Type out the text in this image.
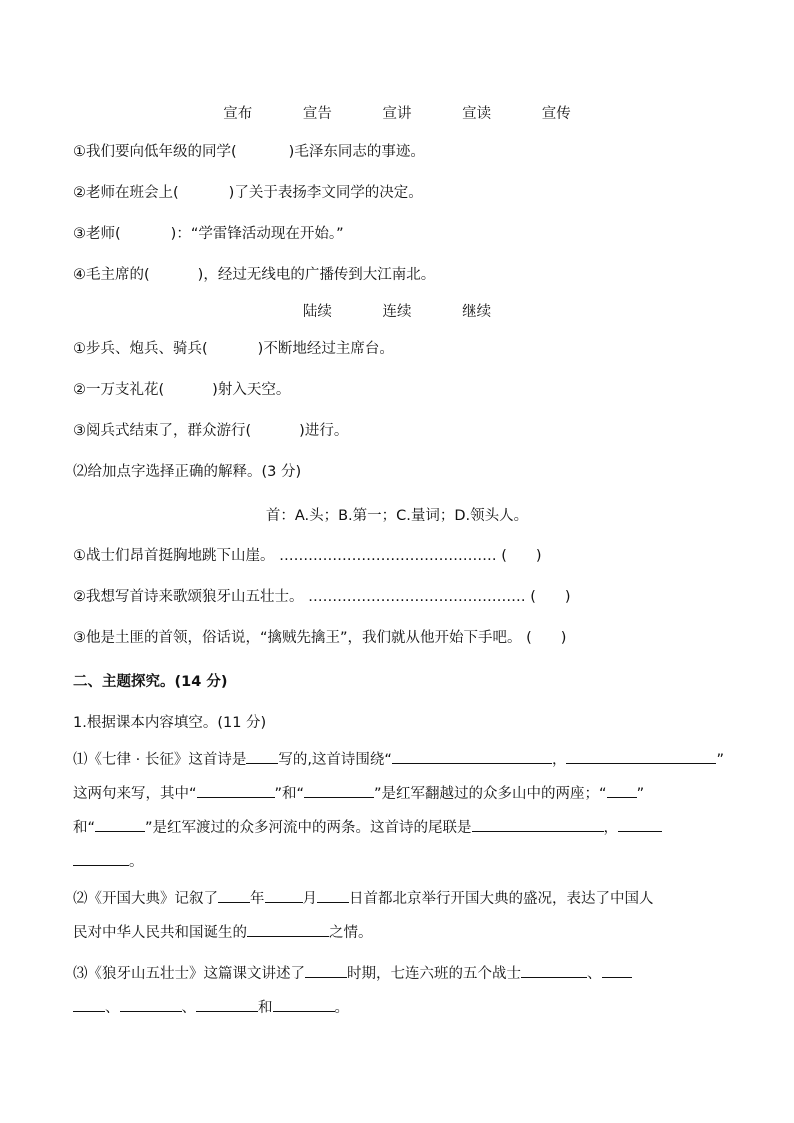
宣布	宣告	宣讲	宣读	宣传
①我们要向低年级的同学(	)毛泽东同志的事迹。
②老师在班会上(	)了关于表扬李文同学的决定。
③老师(	)：“学雷锋活动现在开始。”
④毛主席的(	)，经过无线电的广播传到大江南北。
陆续	连续	继续
①步兵、炮兵、骑兵(	)不断地经过主席台。
②一万支礼花(	)射入天空。
③阅兵式结束了，群众游行(	)进行。
⑵给加点字选择正确的解释。(3 分)
首：A.头；B.第一；C.量词；D.领头人。
①战士们昂首挺胸地跳下山崖。 ……………………………………… (　　)
②我想写首诗来歌颂狼牙山五壮士。 ……………………………………… (　　)
③他是土匪的首领，俗话说，“擒贼先擒王”，我们就从他开始下手吧。 (　　)
二、主题探究。(14 分)
1.根据课本内容填空。(11 分)
⑴《七律 · 长征》这首诗是 写的,这首诗围绕“	，	”
这两句来写，其中“	”和“	”是红军翻越过的众多山中的两座；“ ”
和“	”是红军渡过的众多河流中的两条。这首诗的尾联是	，
。
⑵《开国大典》记叙了 年	月 日首都北京举行开国大典的盛况，表达了中国人
民对中华人民共和国诞生的	之情。
⑶《狼牙山五壮士》这篇课文讲述了	时期，七连六班的五个战士	、
、	、	和	。
